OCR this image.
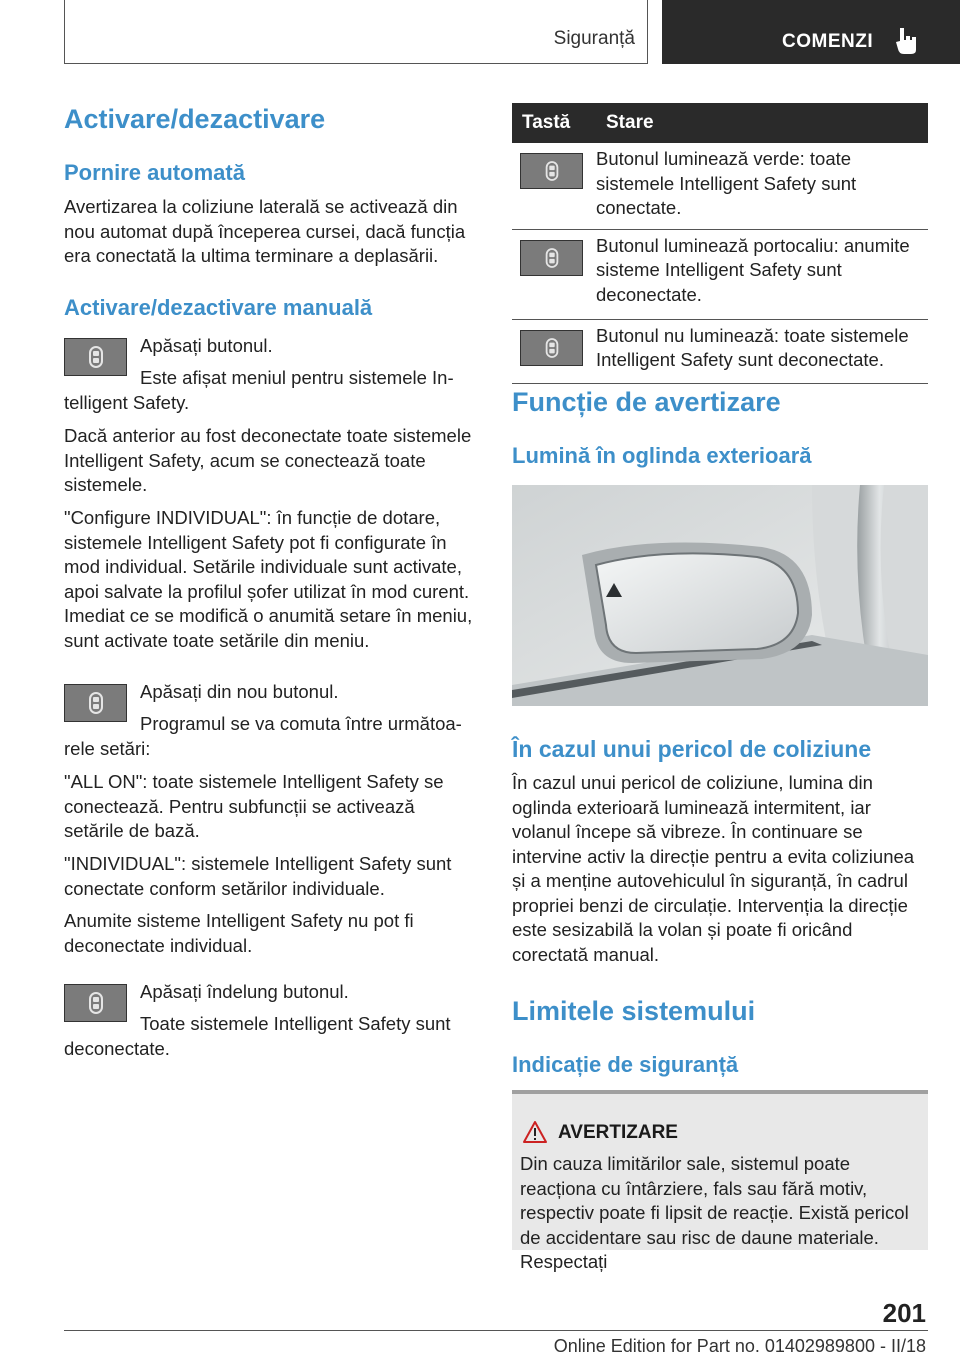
Siguranță	COMENZI
Activare/dezactivare
Pornire automată

Avertizarea la coliziune laterală se activează din nou automat după începerea cursei, dacă funcția era conectată la ultima terminare a deplasării.

Activare/dezactivare manuală

Apăsați butonul.

Este afișat meniul pentru sistemele In-

telligent Safety.

Dacă anterior au fost deconectate toate sistemele Intelligent Safety, acum se conectează toate sistemele.

"Configure INDIVIDUAL": în funcție de dotare, sistemele Intelligent Safety pot fi configurate în mod individual. Setările individuale sunt activate, apoi salvate la profilul șofer utilizat în mod curent. Imediat ce se modifică o anumită setare în meniu, sunt activate toate setările din meniu.

Apăsați din nou butonul.

Programul se va comuta între următoa-

rele setări:

"ALL ON": toate sistemele Intelligent Safety se conectează. Pentru subfuncții se activează setările de bază.

"INDIVIDUAL": sistemele Intelligent Safety sunt conectate conform setărilor individuale.

Anumite sisteme Intelligent Safety nu pot fi deconectate individual.

Apăsați îndelung butonul.

Toate sistemele Intelligent Safety sunt

deconectate.

Tastă	Stare

	Butonul luminează verde: toate sistemele Intelligent Safety sunt conectate.

	Butonul luminează portocaliu: anumite sisteme Intelligent Safety sunt deconectate.

	Butonul nu luminează: toate sistemele Intelligent Safety sunt deconectate.
Funcție de avertizare
Lumină în oglinda exterioară
În cazul unui pericol de coliziune

În cazul unui pericol de coliziune, lumina din oglinda exterioară luminează intermitent, iar volanul începe să vibreze. În continuare se intervine activ la direcție pentru a evita coliziunea și a menține autovehiculul în siguranță, în cadrul propriei benzi de circulație. Intervenția la direcție este sesizabilă la volan și poate fi oricând corectată manual.

Limitele sistemului
Indicație de siguranță
AVERTIZARE
Din cauza limitărilor sale, sistemul poate reacționa cu întârziere, fals sau fără motiv, respectiv poate fi lipsit de reacție. Există pericol de accidentare sau risc de daune materiale. Respectați
201
Online Edition for Part no. 01402989800 - II/18
